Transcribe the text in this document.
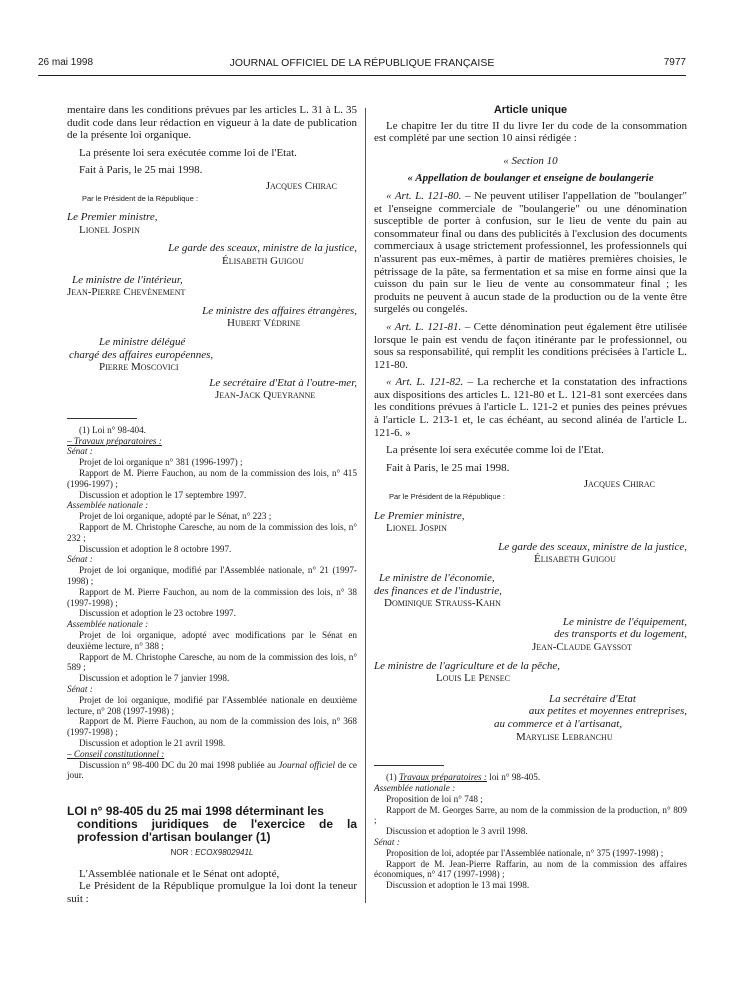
26 mai 1998	JOURNAL OFFICIEL DE LA RÉPUBLIQUE FRANÇAISE	7977

mentaire dans les conditions prévues par les articles L. 31 à L. 35 dudit code dans leur rédaction en vigueur à la date de publication de la présente loi organique.

La présente loi sera exécutée comme loi de l'Etat.

Fait à Paris, le 25 mai 1998.

Jacques Chirac

Par le Président de la République :

Le Premier ministre,

Lionel Jospin

Le garde des sceaux, ministre de la justice,

Élisabeth Guigou

Le ministre de l'intérieur,

Jean-Pierre Chevènement

Le ministre des affaires étrangères,

Hubert Védrine

Le ministre délégué

chargé des affaires européennes,

Pierre Moscovici

Le secrétaire d'Etat à l'outre-mer,

Jean-Jack Queyranne

(1) Loi n° 98-404.

– Travaux préparatoires :

Sénat :

Projet de loi organique n° 381 (1996-1997) ;

Rapport de M. Pierre Fauchon, au nom de la commission des lois, n° 415 (1996-1997) ;

Discussion et adoption le 17 septembre 1997.

Assemblée nationale :

Projet de loi organique, adopté par le Sénat, n° 223 ;

Rapport de M. Christophe Caresche, au nom de la commission des lois, n° 232 ;

Discussion et adoption le 8 octobre 1997.

Sénat :

Projet de loi organique, modifié par l'Assemblée nationale, n° 21 (1997-1998) ;

Rapport de M. Pierre Fauchon, au nom de la commission des lois, n° 38 (1997-1998) ;

Discussion et adoption le 23 octobre 1997.

Assemblée nationale :

Projet de loi organique, adopté avec modifications par le Sénat en deuxième lecture, n° 388 ;

Rapport de M. Christophe Caresche, au nom de la commission des lois, n° 589 ;

Discussion et adoption le 7 janvier 1998.

Sénat :

Projet de loi organique, modifié par l'Assemblée nationale en deuxième lecture, n° 208 (1997-1998) ;

Rapport de M. Pierre Fauchon, au nom de la commission des lois, n° 368 (1997-1998) ;

Discussion et adoption le 21 avril 1998.

– Conseil constitutionnel :

Discussion n° 98-400 DC du 20 mai 1998 publiée au Journal officiel de ce jour.

LOI n° 98-405 du 25 mai 1998 déterminant les

conditions juridiques de l'exercice de la profession d'artisan boulanger (1)

NOR : ECOX9802941L

L'Assemblée nationale et le Sénat ont adopté,

Le Président de la République promulgue la loi dont la teneur suit :

Article unique

Le chapitre Ier du titre II du livre Ier du code de la consommation est complété par une section 10 ainsi rédigée :

« Section 10

« Appellation de boulanger et enseigne de boulangerie

« Art. L. 121-80. – Ne peuvent utiliser l'appellation de "boulanger" et l'enseigne commerciale de "boulangerie" ou une dénomination susceptible de porter à confusion, sur le lieu de vente du pain au consommateur final ou dans des publicités à l'exclusion des documents commerciaux à usage strictement professionnel, les professionnels qui n'assurent pas eux-mêmes, à partir de matières premières choisies, le pétrissage de la pâte, sa fermentation et sa mise en forme ainsi que la cuisson du pain sur le lieu de vente au consommateur final ; les produits ne peuvent à aucun stade de la production ou de la vente être surgelés ou congelés.

« Art. L. 121-81. – Cette dénomination peut également être utilisée lorsque le pain est vendu de façon itinérante par le professionnel, ou sous sa responsabilité, qui remplit les conditions précisées à l'article L. 121-80.

« Art. L. 121-82. – La recherche et la constatation des infractions aux dispositions des articles L. 121-80 et L. 121-81 sont exercées dans les conditions prévues à l'article L. 121-2 et punies des peines prévues à l'article L. 213-1 et, le cas échéant, au second alinéa de l'article L. 121-6. »

La présente loi sera exécutée comme loi de l'Etat.

Fait à Paris, le 25 mai 1998.

Jacques Chirac

Par le Président de la République :

Le Premier ministre,

Lionel Jospin

Le garde des sceaux, ministre de la justice,

Élisabeth Guigou

Le ministre de l'économie,

des finances et de l'industrie,

Dominique Strauss-Kahn

Le ministre de l'équipement,

des transports et du logement,

Jean-Claude Gayssot

Le ministre de l'agriculture et de la pêche,

Louis Le Pensec

La secrétaire d'Etat

aux petites et moyennes entreprises,

au commerce et à l'artisanat,

Marylise Lebranchu

(1) Travaux préparatoires : loi n° 98-405.

Assemblée nationale :

Proposition de loi n° 748 ;

Rapport de M. Georges Sarre, au nom de la commission de la production, n° 809 ;

Discussion et adoption le 3 avril 1998.

Sénat :

Proposition de loi, adoptée par l'Assemblée nationale, n° 375 (1997-1998) ;

Rapport de M. Jean-Pierre Raffarin, au nom de la commission des affaires économiques, n° 417 (1997-1998) ;

Discussion et adoption le 13 mai 1998.
